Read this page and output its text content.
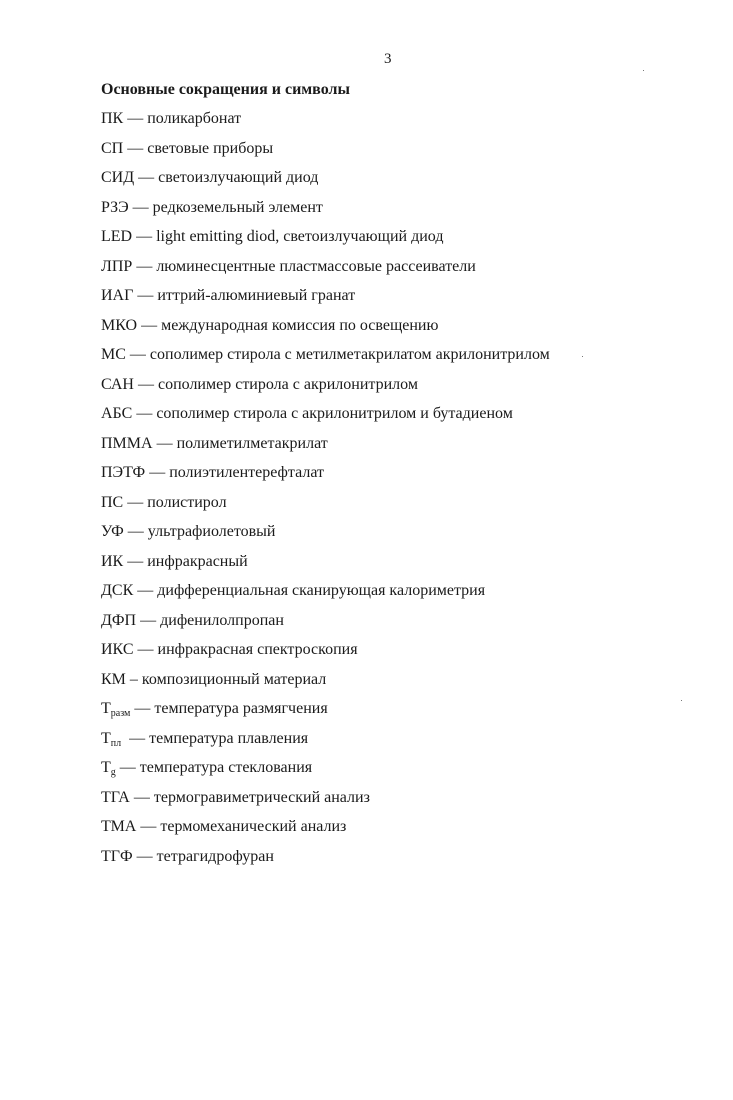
3
Основные сокращения и символы
ПК — поликарбонат
СП — световые приборы
СИД — светоизлучающий диод
РЗЭ — редкоземельный элемент
LED — light emitting diod, светоизлучающий диод
ЛПР — люминесцентные пластмассовые рассеиватели
ИАГ — иттрий-алюминиевый гранат
МКО — международная комиссия по освещению
МС — сополимер стирола с метилметакрилатом акрилонитрилом
САН — сополимер стирола с акрилонитрилом
АБС — сополимер стирола с акрилонитрилом и бутадиеном
ПММА — полиметилметакрилат
ПЭТФ — полиэтилентерефталат
ПС — полистирол
УФ — ультрафиолетовый
ИК — инфракрасный
ДСК — дифференциальная сканирующая калориметрия
ДФП — дифенилолпропан
ИКС — инфракрасная спектроскопия
КМ – композиционный материал
$Т_{разм}$ — температура размягчения
$Т_{пл}$  — температура плавления
$Т_g$ — температура стеклования
ТГА — термогравиметрический анализ
ТМА — термомеханический анализ
ТГФ — тетрагидрофуран
